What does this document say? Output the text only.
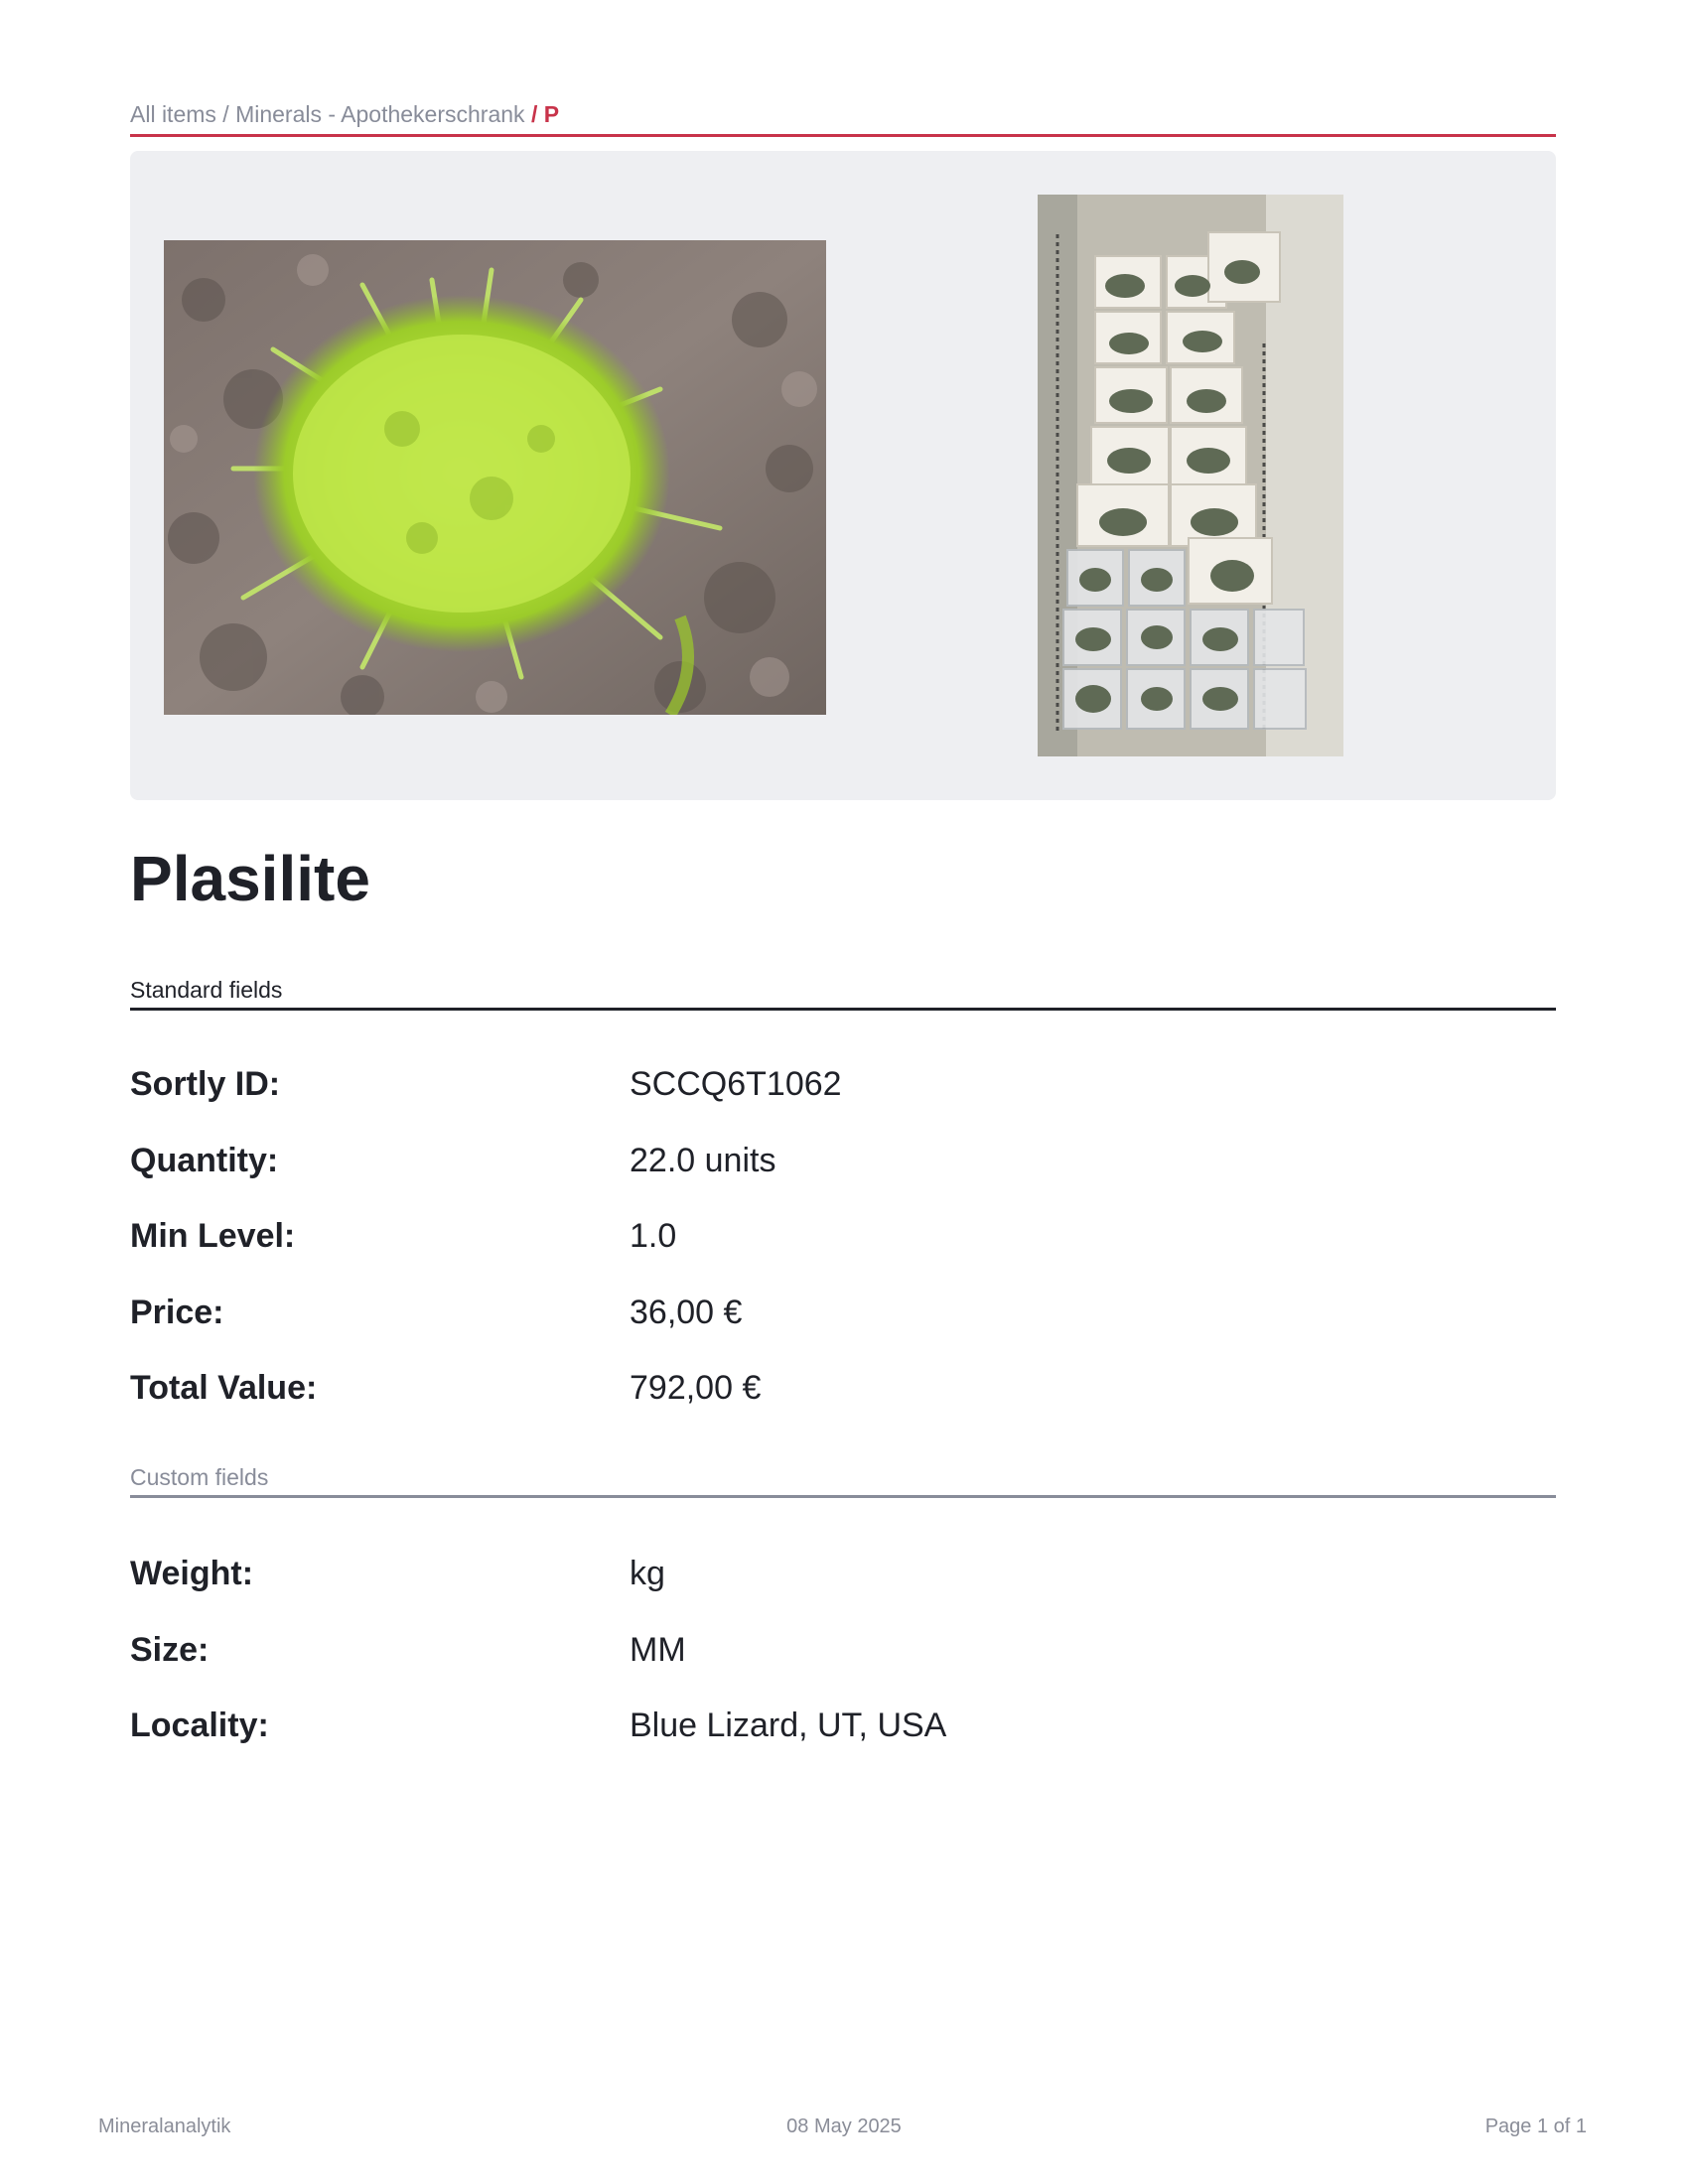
All items / Minerals - Apothekerschrank / P
Plasilite
Standard fields
Sortly ID:	SCCQ6T1062
Quantity:	22.0 units
Min Level:	1.0
Price:	36,00 €
Total Value:	792,00 €
Custom fields
Weight:	kg
Size:	MM
Locality:	Blue Lizard, UT, USA
Mineralanalytik	08 May 2025	Page 1 of 1
